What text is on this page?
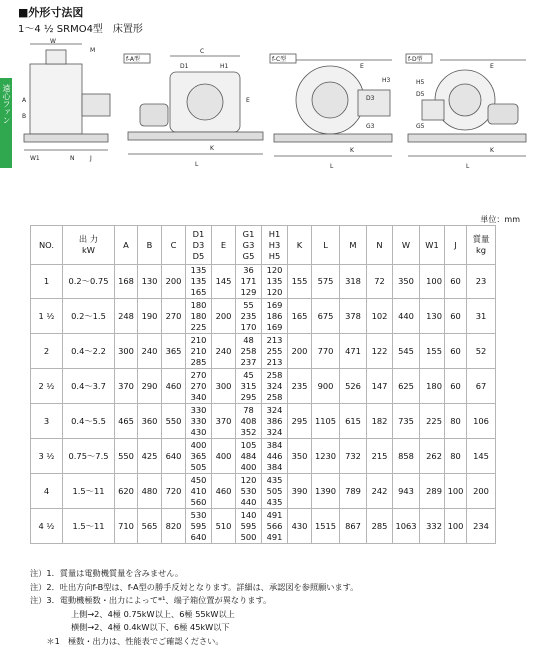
■外形寸法図
1〜4 ½ SRMO4型　床置形
遠心ファン
W
M
A
B
W1	J
N
f-A型
C
D1	H1
E
K
L
f-C型
E
H3
D3
G3
K
L
f-D型
E
H5
D5
G5
K
L
単位：mm
NO.	出 力
kW	A	B	C	D1
D3
D5	E	G1
G3
G5	H1
H3
H5	K	L	M	N	W	W1	J	質量
kg
1	0.2〜0.75	168	130	200	135
135
165	145	36
171
129	120
135
120	155	575	318	72	350	100	60	23
1 ½	0.2〜1.5	248	190	270	180
180
225	200	55
235
170	169
186
169	165	675	378	102	440	130	60	31
2	0.4〜2.2	300	240	365	210
210
285	240	48
258
237	213
255
213	200	770	471	122	545	155	60	52
2 ½	0.4〜3.7	370	290	460	270
270
340	300	45
315
295	258
324
258	235	900	526	147	625	180	60	67
3	0.4〜5.5	465	360	550	330
330
430	370	78
408
352	324
386
324	295	1105	615	182	735	225	80	106
3 ½	0.75〜7.5	550	425	640	400
365
505	400	105
484
400	384
446
384	350	1230	732	215	858	262	80	145
4	1.5〜11	620	480	720	450
410
560	460	120
530
440	435
505
435	390	1390	789	242	943	289	100	200
4 ½	1.5〜11	710	565	820	530
595
640	510	140
595
500	491
566
491	430	1515	867	285	1063	332	100	234
注）1．質量は電動機質量を含みません。
注）2．吐出方向f-B型は、f-A型の勝手反対となります。詳細は、承認図を参照願います。
注）3．電動機極数・出力によって*¹、端子箱位置が異なります。
　　　　　上側→2、4極 0.75kW以上、6極 55kW以上
　　　　　横側→2、4極 0.4kW以下、6極 45kW以下
　　＊1　極数・出力は、性能表でご確認ください。
